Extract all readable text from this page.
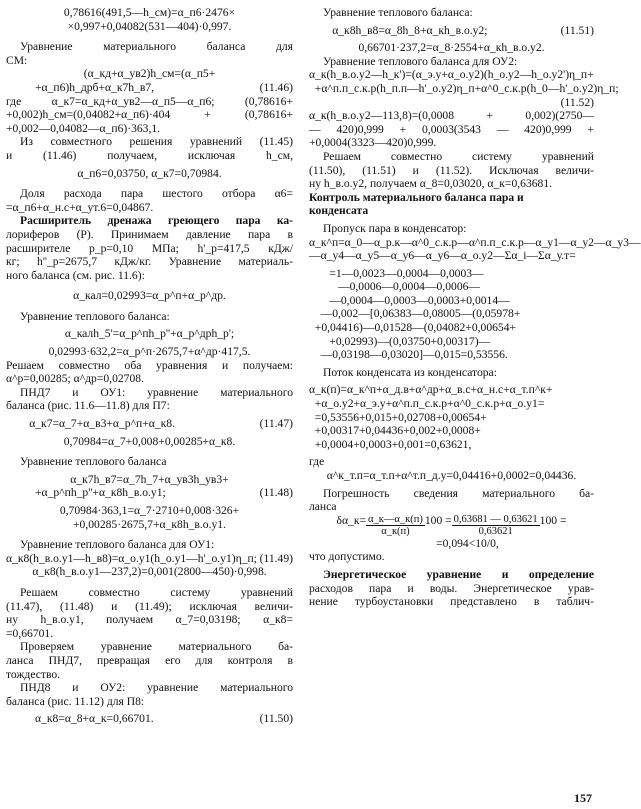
0,78616(491,5—h_см)=α_п6·2476×
×0,997+0,04082(531—404)·0,997.
Уравнение материального баланса для
СМ:
(α_кд+α_ув2)h_см=(α_п5+
+α_п6)h_дрб+α_к7h_в7,	(11.46)
где α_к7=α_кд+α_ув2—α_п5—α_п6; (0,78616+
+0,002)h_см=(0,04082+α_п6)·404 + (0,78616+
+0,002—0,04082—α_п6)·363,1.
Из совместного решения уравнений (11.45)
и (11.46) получаем, исключая h_см,
α_п6=0,03750, α_к7=0,70984.
Доля расхода пара шестого отбора α6=
=α_п6+α_н.с+α_ут.6=0,04867.
Расширитель дренажа греющего пара ка-
лориферов (Р). Принимаем давление пара в
расширителе p_р=0,10 МПа; h'_р=417,5 кДж/
кг; h''_р=2675,7 кДж/кг. Уравнение материаль-
ного баланса (см. рис. 11.6):
α_кал=0,02993=α_р^п+α_р^др.
Уравнение теплового баланса:
α_калh_5'=α_р^пh_р''+α_р^дрh_р';
0,02993·632,2=α_р^п·2675,7+α^др·417,5.
Решаем совместно оба уравнения и получаем:
α^р=0,00285; α^др=0,02708.
ПНД7 и ОУ1: уравнение материального
баланса (рис. 11.6—11.8) для П7:
α_к7=α_7+α_в3+α_р^п+α_к8.	(11.47)
0,70984=α_7+0,008+0,00285+α_к8.
Уравнение теплового баланса
α_к7h_в7=α_7h_7+α_ув3h_ув3+
+α_р^пh_р''+α_к8h_в.о.у1;	(11.48)
0,70984·363,1=α_7·2710+0,008·326+
+0,00285·2675,7+α_к8h_в.о.у1.
Уравнение теплового баланса для ОУ1:
α_к8(h_в.о.у1—h_в8)=α_о.у1(h_о.у1—h'_о.у1)η_п; (11.49)
α_к8(h_в.о.у1—237,2)=0,001(2800—450)·0,998.
Решаем совместно систему уравнений
(11.47), (11.48) и (11.49); исключая величи-
ну h_в.о.у1, получаем α_7=0,03198; α_к8=
=0,66701.
Проверяем уравнение материального ба-
ланса ПНД7, превращая его для контроля в
тождество.
ПНД8 и ОУ2: уравнение материального
баланса (рис. 11.12) для П8:
α_к8=α_8+α_к=0,66701.	(11.50)
Уравнение теплового баланса:
α_к8h_в8=α_8h_8+α_кh_в.о.у2;	(11.51)
0,66701·237,2=α_8·2554+α_кh_в.о.у2.
Уравнение теплового баланса для ОУ2:
α_к(h_в.о.у2—h_к')=(α_э.у+α_о.у2)(h_о.у2—h_о.у2')η_п+
+α^п.п_с.к.р(h_п.п—h'_о.у2)η_п+α^0_с.к.р(h_0—h'_о.у2)η_п;
(11.52)
α_к(h_в.о.у2—113,8)=(0,0008 + 0,002)(2750—
— 420)0,999 + 0,0003(3543 — 420)0,999 +
+0,0004(3323—420)0,999.
Решаем совместно систему уравнений
(11.50), (11.51) и (11.52). Исключая величи-
ну h_в.о.у2, получаем α_8=0,03020, α_к=0,63681.
Контроль материального баланса пара и
конденсата
Пропуск пара в конденсатор:
α_к^п=α_0—α_р.к—α^0_с.к.р—α^п.п_с.к.р—α_у1—α_у2—α_у3—
—α_у4—α_у5—α_у6—α_у6—α_о.у2—Σα_i—Σα_у.т=
=1—0,0023—0,0004—0,0003—
—0,0006—0,0004—0,0006—
—0,0004—0,0003—0,0003+0,0014—
—0,002—[0,06383—0,08005—(0,05978+
+0,04416)—0,01528—(0,04082+0,00654+
+0,02993)—(0,03750+0,00317)—
—0,03198—0,03020]—0,015=0,53556.
Поток конденсата из конденсатора:
α_к(п)=α_к^п+α_д.в+α^др+α_в.с+α_н.с+α_т.п^к+
+α_о.у2+α_э.у+α^п.п_с.к.р+α^0_с.к.р+α_о.у1=
=0,53556+0,015+0,02708+0,00654+
+0,00317+0,04436+0,002+0,0008+
+0,0004+0,0003+0,001=0,63621,
где
α^к_т.п=α_т.п+α^т.п_д.у=0,04416+0,0002=0,04436.
Погрешность сведения материального ба-
ланса
δα_к= $\frac{\alpha\_к—\alpha\_к(п)}{\alpha\_к(п)} 100 = \frac{0,63681 — 0,63621}{0,63621} 100$ =
=0,094<10/0,
что допустимо.
Энергетическое уравнение и определение
расходов пара и воды. Энергетическое урав-
нение турбоустановки представлено в таблич-
157
